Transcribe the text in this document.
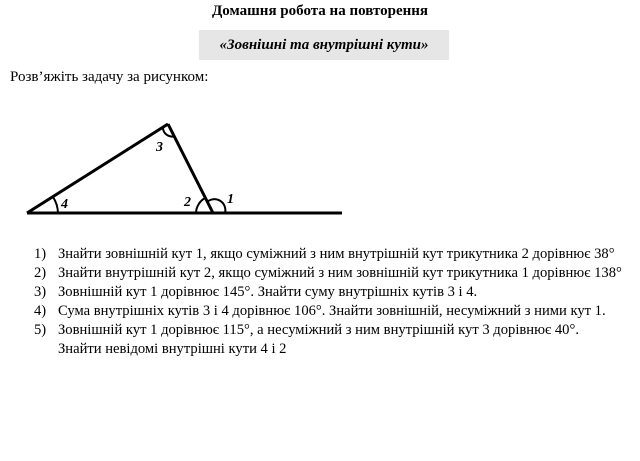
Домашня робота на повторення
«Зовнішні та внутрішні кути»
Розв’яжіть задачу за рисунком:
3
4	2	1
1) Знайти зовнішній кут 1, якщо суміжний з ним внутрішній кут трикутника 2 дорівнює 38°
2) Знайти внутрішній кут 2, якщо суміжний з ним зовнішній кут трикутника 1 дорівнює 138°
3) Зовнішній кут 1 дорівнює 145°. Знайти суму внутрішніх кутів 3 і 4.
4) Сума внутрішніх кутів 3 і 4 дорівнює 106°. Знайти зовнішній, несуміжний з ними кут 1.
5) Зовнішній кут 1 дорівнює 115°, а несуміжний з ним внутрішній кут 3 дорівнює 40°. Знайти невідомі внутрішні кути 4 і 2
